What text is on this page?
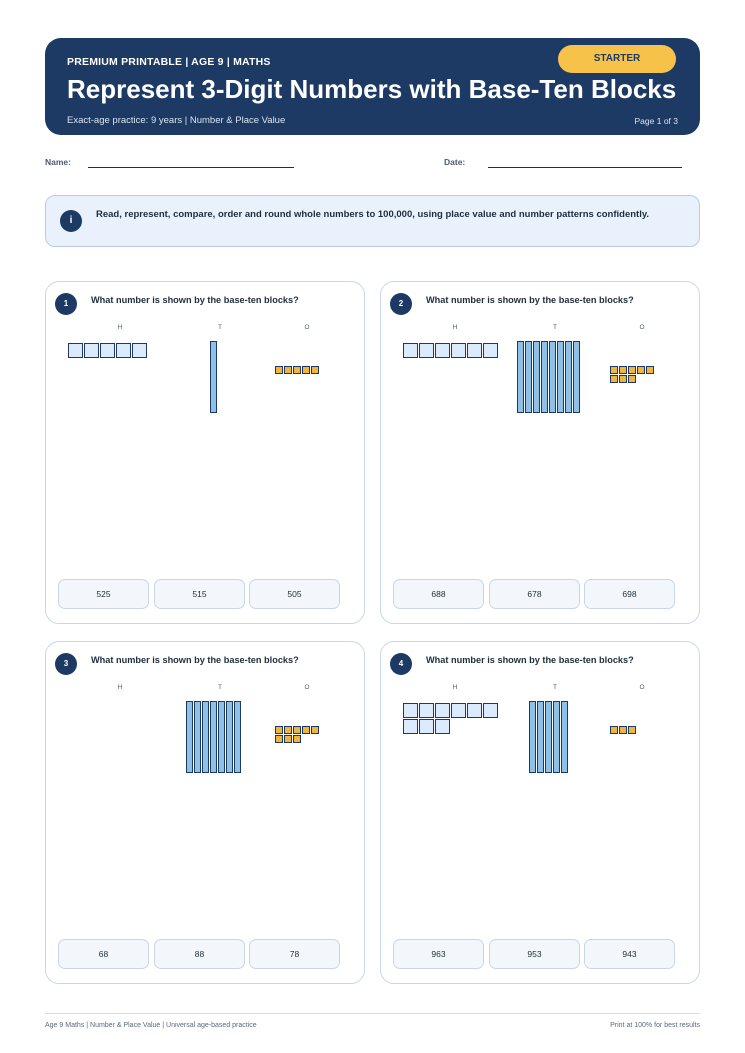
PREMIUM PRINTABLE | AGE 9 | MATHS
Represent 3-Digit Numbers with Base-Ten Blocks
Exact-age practice: 9 years | Number & Place Value	Page 1 of 3
STARTER
Name:	Date:
i
Read, represent, compare, order and round whole numbers to 100,000, using place value and number patterns confidently.
1	What number is shown by the base-ten blocks?
H	T	O
525	515	505
2	What number is shown by the base-ten blocks?
H	T	O
688	678	698
3	What number is shown by the base-ten blocks?
H	T	O
68	88	78
4	What number is shown by the base-ten blocks?
H	T	O
963	953	943
Age 9 Maths | Number & Place Value | Universal age-based practice	Print at 100% for best results
